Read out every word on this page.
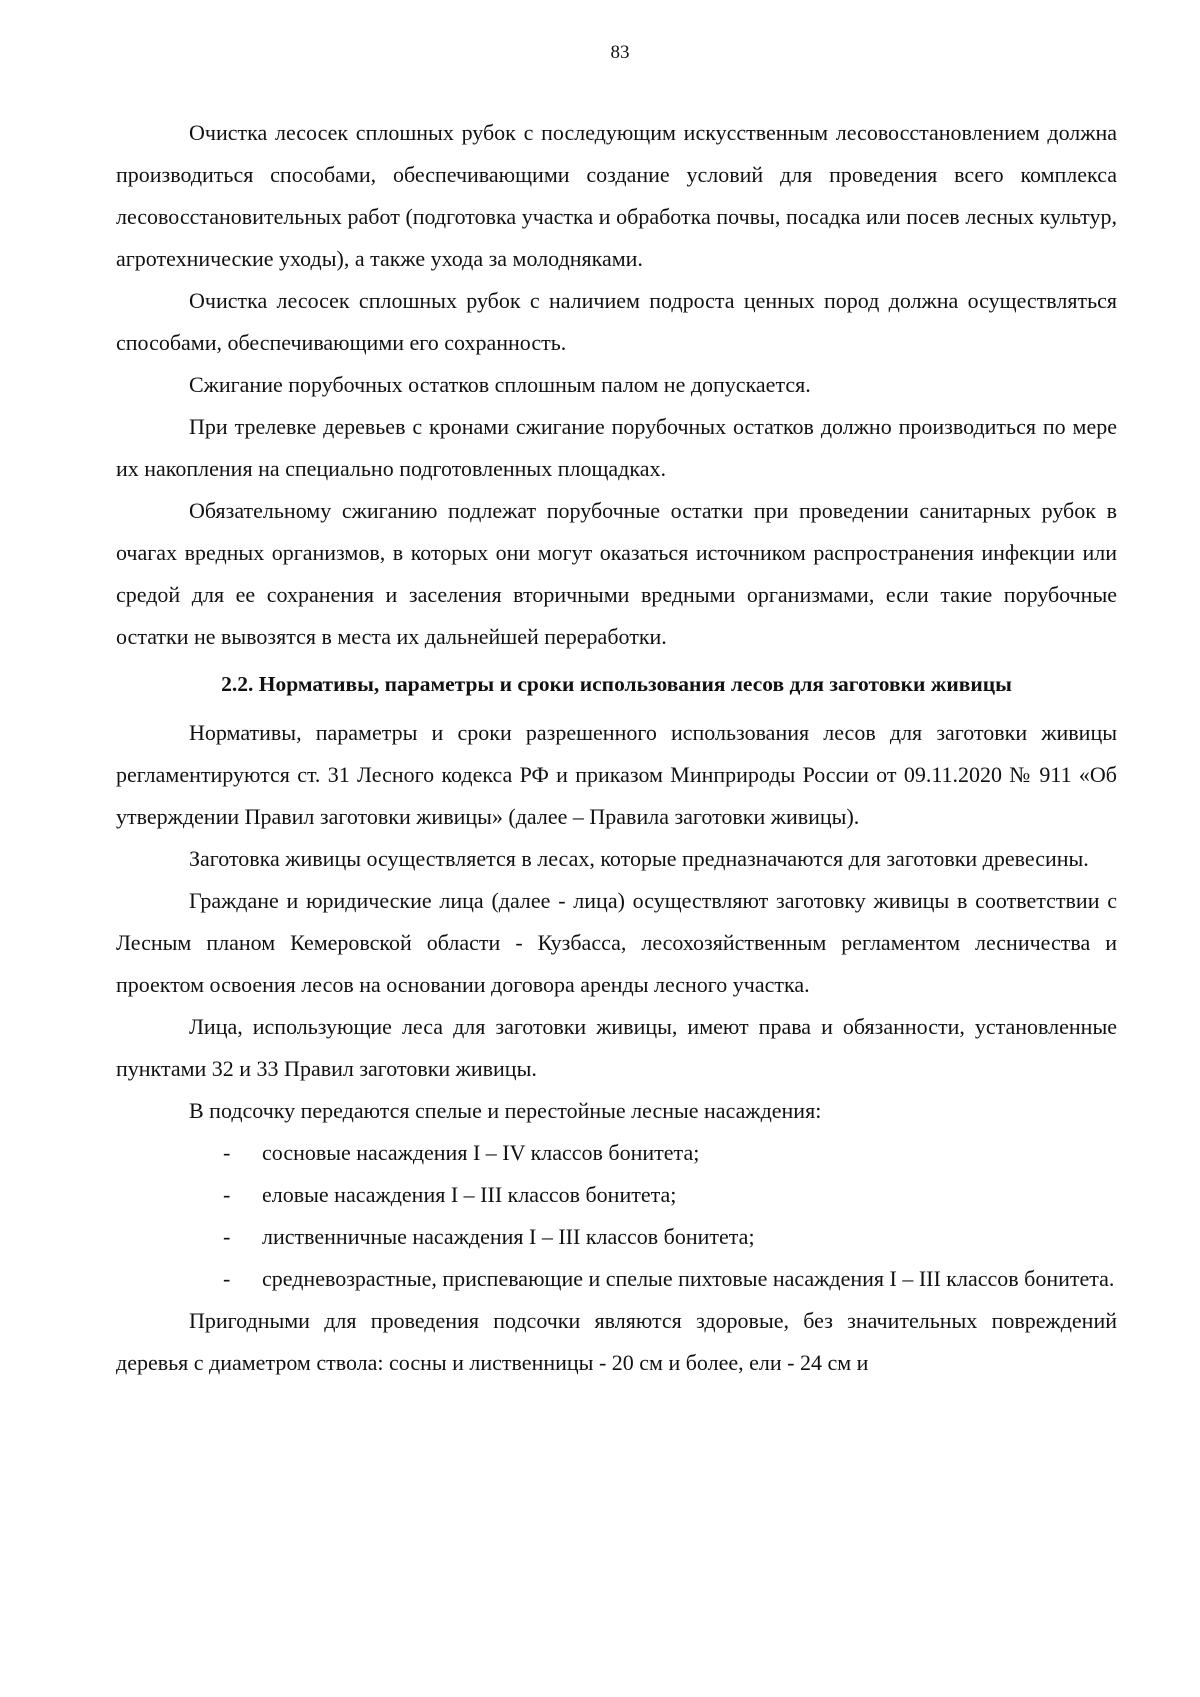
83

Очистка лесосек сплошных рубок с последующим искусственным лесовосстановлением должна производиться способами, обеспечивающими создание условий для проведения всего комплекса лесовосстановительных работ (подготовка участка и обработка почвы, посадка или посев лесных культур, агротехнические уходы), а также ухода за молодняками.

Очистка лесосек сплошных рубок с наличием подроста ценных пород должна осуществляться способами, обеспечивающими его сохранность.

Сжигание порубочных остатков сплошным палом не допускается.

При трелевке деревьев с кронами сжигание порубочных остатков должно производиться по мере их накопления на специально подготовленных площадках.

Обязательному сжиганию подлежат порубочные остатки при проведении санитарных рубок в очагах вредных организмов, в которых они могут оказаться источником распространения инфекции или средой для ее сохранения и заселения вторичными вредными организмами, если такие порубочные остатки не вывозятся в места их дальнейшей переработки.

2.2. Нормативы, параметры и сроки использования лесов для заготовки живицы

Нормативы, параметры и сроки разрешенного использования лесов для заготовки живицы регламентируются ст. 31 Лесного кодекса РФ и приказом Минприроды России от 09.11.2020 № 911 «Об утверждении Правил заготовки живицы» (далее – Правила заготовки живицы).

Заготовка живицы осуществляется в лесах, которые предназначаются для заготовки древесины.

Граждане и юридические лица (далее - лица) осуществляют заготовку живицы в соответствии с Лесным планом Кемеровской области - Кузбасса, лесохозяйственным регламентом лесничества и проектом освоения лесов на основании договора аренды лесного участка.

Лица, использующие леса для заготовки живицы, имеют права и обязанности, установленные пунктами 32 и 33 Правил заготовки живицы.

В подсочку передаются спелые и перестойные лесные насаждения:

- сосновые насаждения I – IV классов бонитета;
- еловые насаждения I – III классов бонитета;
- лиственничные насаждения I – III классов бонитета;
- средневозрастные, приспевающие и спелые пихтовые насаждения I – III классов бонитета.

Пригодными для проведения подсочки являются здоровые, без значительных повреждений деревья с диаметром ствола: сосны и лиственницы - 20 см и более, ели - 24 см и
